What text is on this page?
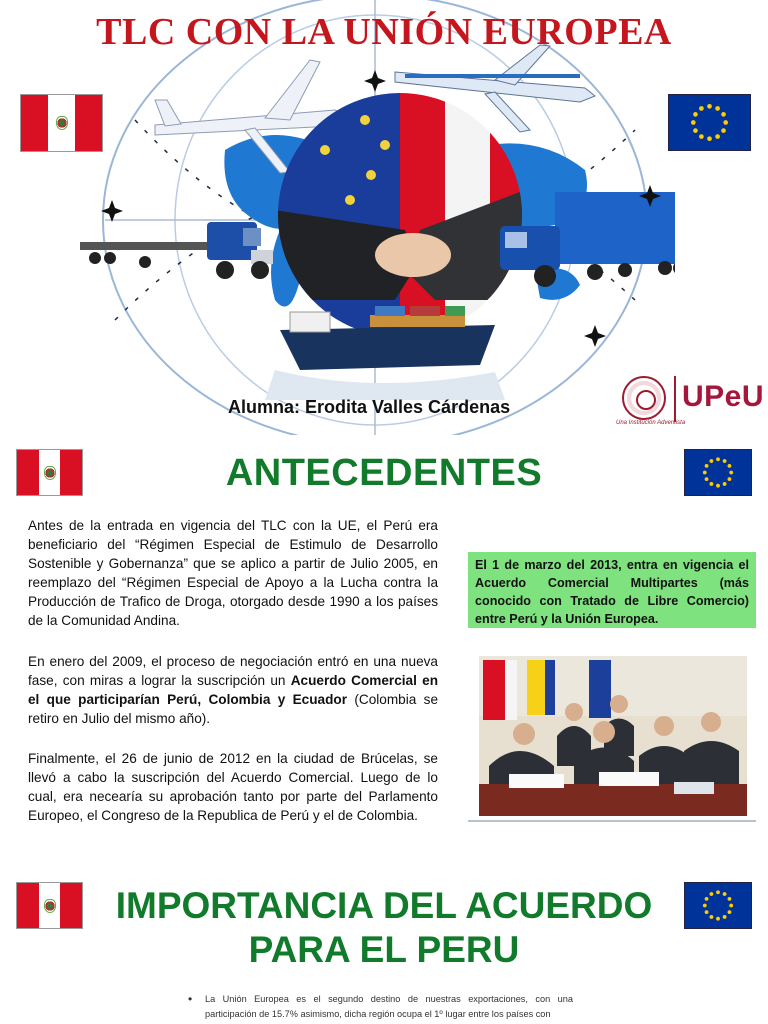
TLC CON LA UNIÓN EUROPEA
Alumna: Erodita Valles Cárdenas	UPeU
Una Institución Adventista
ANTECEDENTES

Antes de la entrada en vigencia del TLC con la UE, el Perú era beneficiario del “Régimen Especial de Estimulo de Desarrollo Sostenible y Gobernanza” que se aplico a partir de Julio 2005, en reemplazo del “Régimen Especial de Apoyo a la Lucha contra la Producción de Trafico de Droga, otorgado desde 1990 a los países de la Comunidad Andina.

En enero del 2009, el proceso de negociación entró en una nueva fase, con miras a lograr la suscripción un Acuerdo Comercial en el que participarían Perú, Colombia y Ecuador (Colombia se retiro en Julio del mismo año).

Finalmente, el 26 de junio de 2012 en la ciudad de Brúcelas, se llevó a cabo la suscripción del Acuerdo Comercial. Luego de lo cual, era necearía su aprobación tanto por parte del Parlamento Europeo, el Congreso de la Republica de Perú y el de Colombia.

El 1 de marzo del 2013, entra en vigencia el Acuerdo Comercial Multipartes (más conocido con Tratado de Libre Comercio) entre Perú y la Unión Europea.
IMPORTANCIA DEL ACUERDO
PARA EL PERU
• La Unión Europea es el segundo destino de nuestras exportaciones, con una participación de 15.7% asimismo, dicha región ocupa el 1º lugar entre los países con
